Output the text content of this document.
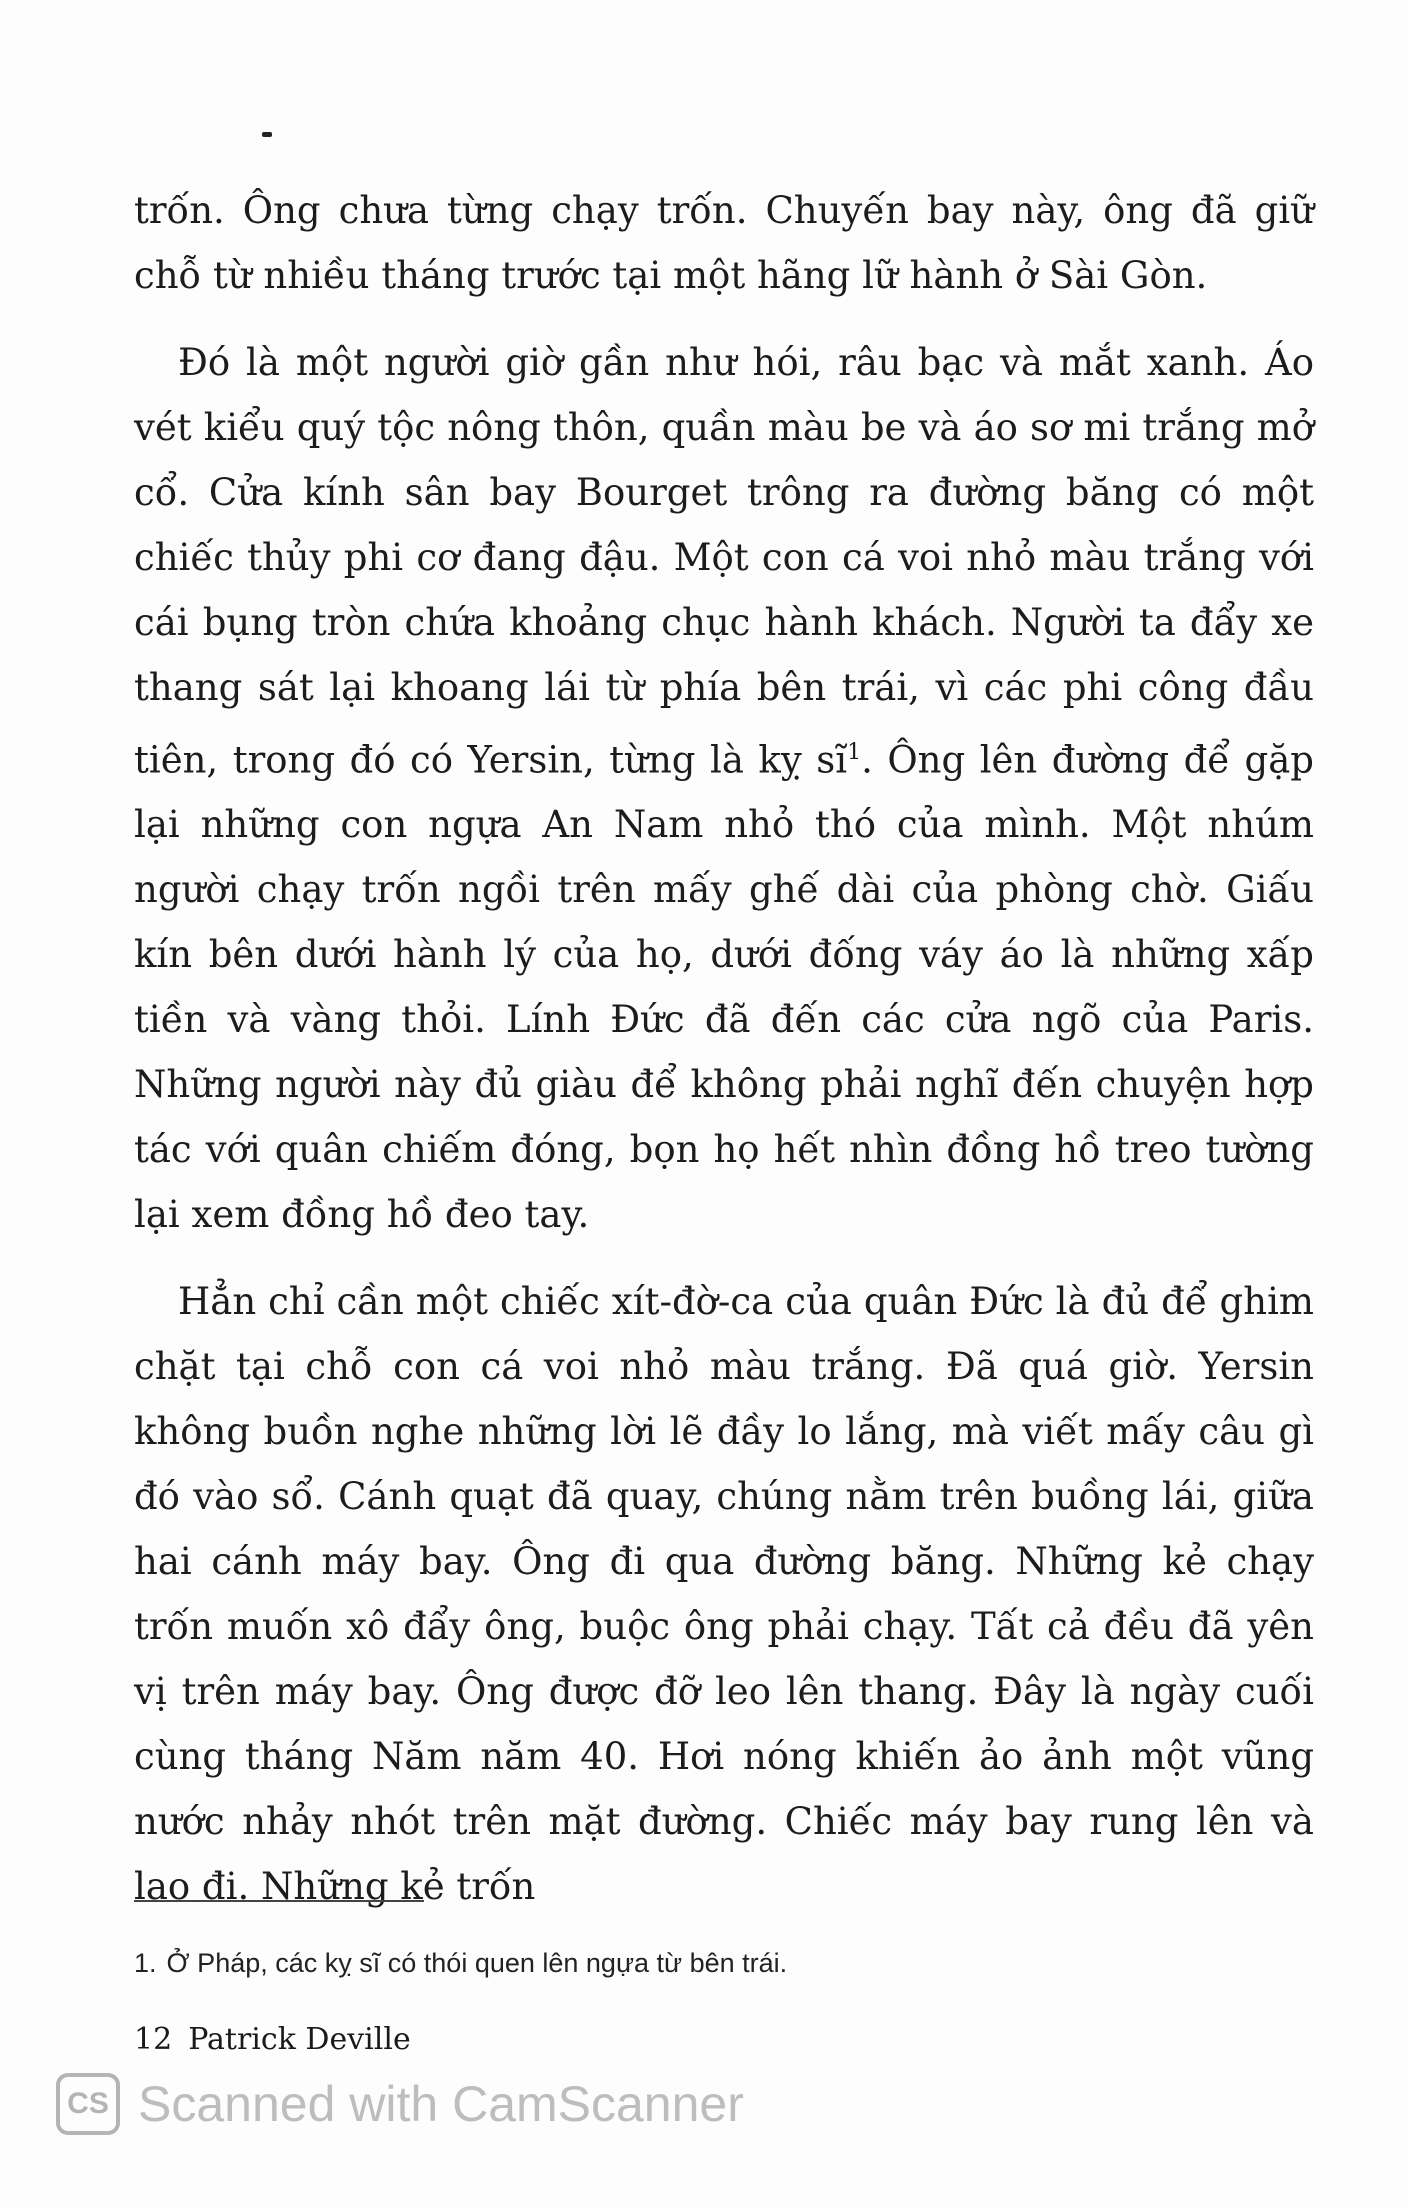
trốn. Ông chưa từng chạy trốn. Chuyến bay này, ông đã giữ chỗ từ nhiều tháng trước tại một hãng lữ hành ở Sài Gòn.

Đó là một người giờ gần như hói, râu bạc và mắt xanh. Áo vét kiểu quý tộc nông thôn, quần màu be và áo sơ mi trắng mở cổ. Cửa kính sân bay Bourget trông ra đường băng có một chiếc thủy phi cơ đang đậu. Một con cá voi nhỏ màu trắng với cái bụng tròn chứa khoảng chục hành khách. Người ta đẩy xe thang sát lại khoang lái từ phía bên trái, vì các phi công đầu tiên, trong đó có Yersin, từng là kỵ $sĩ^1$. Ông lên đường để gặp lại những con ngựa An Nam nhỏ thó của mình. Một nhúm người chạy trốn ngồi trên mấy ghế dài của phòng chờ. Giấu kín bên dưới hành lý của họ, dưới đống váy áo là những xấp tiền và vàng thỏi. Lính Đức đã đến các cửa ngõ của Paris. Những người này đủ giàu để không phải nghĩ đến chuyện hợp tác với quân chiếm đóng, bọn họ hết nhìn đồng hồ treo tường lại xem đồng hồ đeo tay.

Hẳn chỉ cần một chiếc xít-đờ-ca của quân Đức là đủ để ghim chặt tại chỗ con cá voi nhỏ màu trắng. Đã quá giờ. Yersin không buồn nghe những lời lẽ đầy lo lắng, mà viết mấy câu gì đó vào sổ. Cánh quạt đã quay, chúng nằm trên buồng lái, giữa hai cánh máy bay. Ông đi qua đường băng. Những kẻ chạy trốn muốn xô đẩy ông, buộc ông phải chạy. Tất cả đều đã yên vị trên máy bay. Ông được đỡ leo lên thang. Đây là ngày cuối cùng tháng Năm năm 40. Hơi nóng khiến ảo ảnh một vũng nước nhảy nhót trên mặt đường. Chiếc máy bay rung lên và lao đi. Những kẻ trốn

1. Ở Pháp, các kỵ sĩ có thói quen lên ngựa từ bên trái.
12 Patrick Deville
CS Scanned with CamScanner
